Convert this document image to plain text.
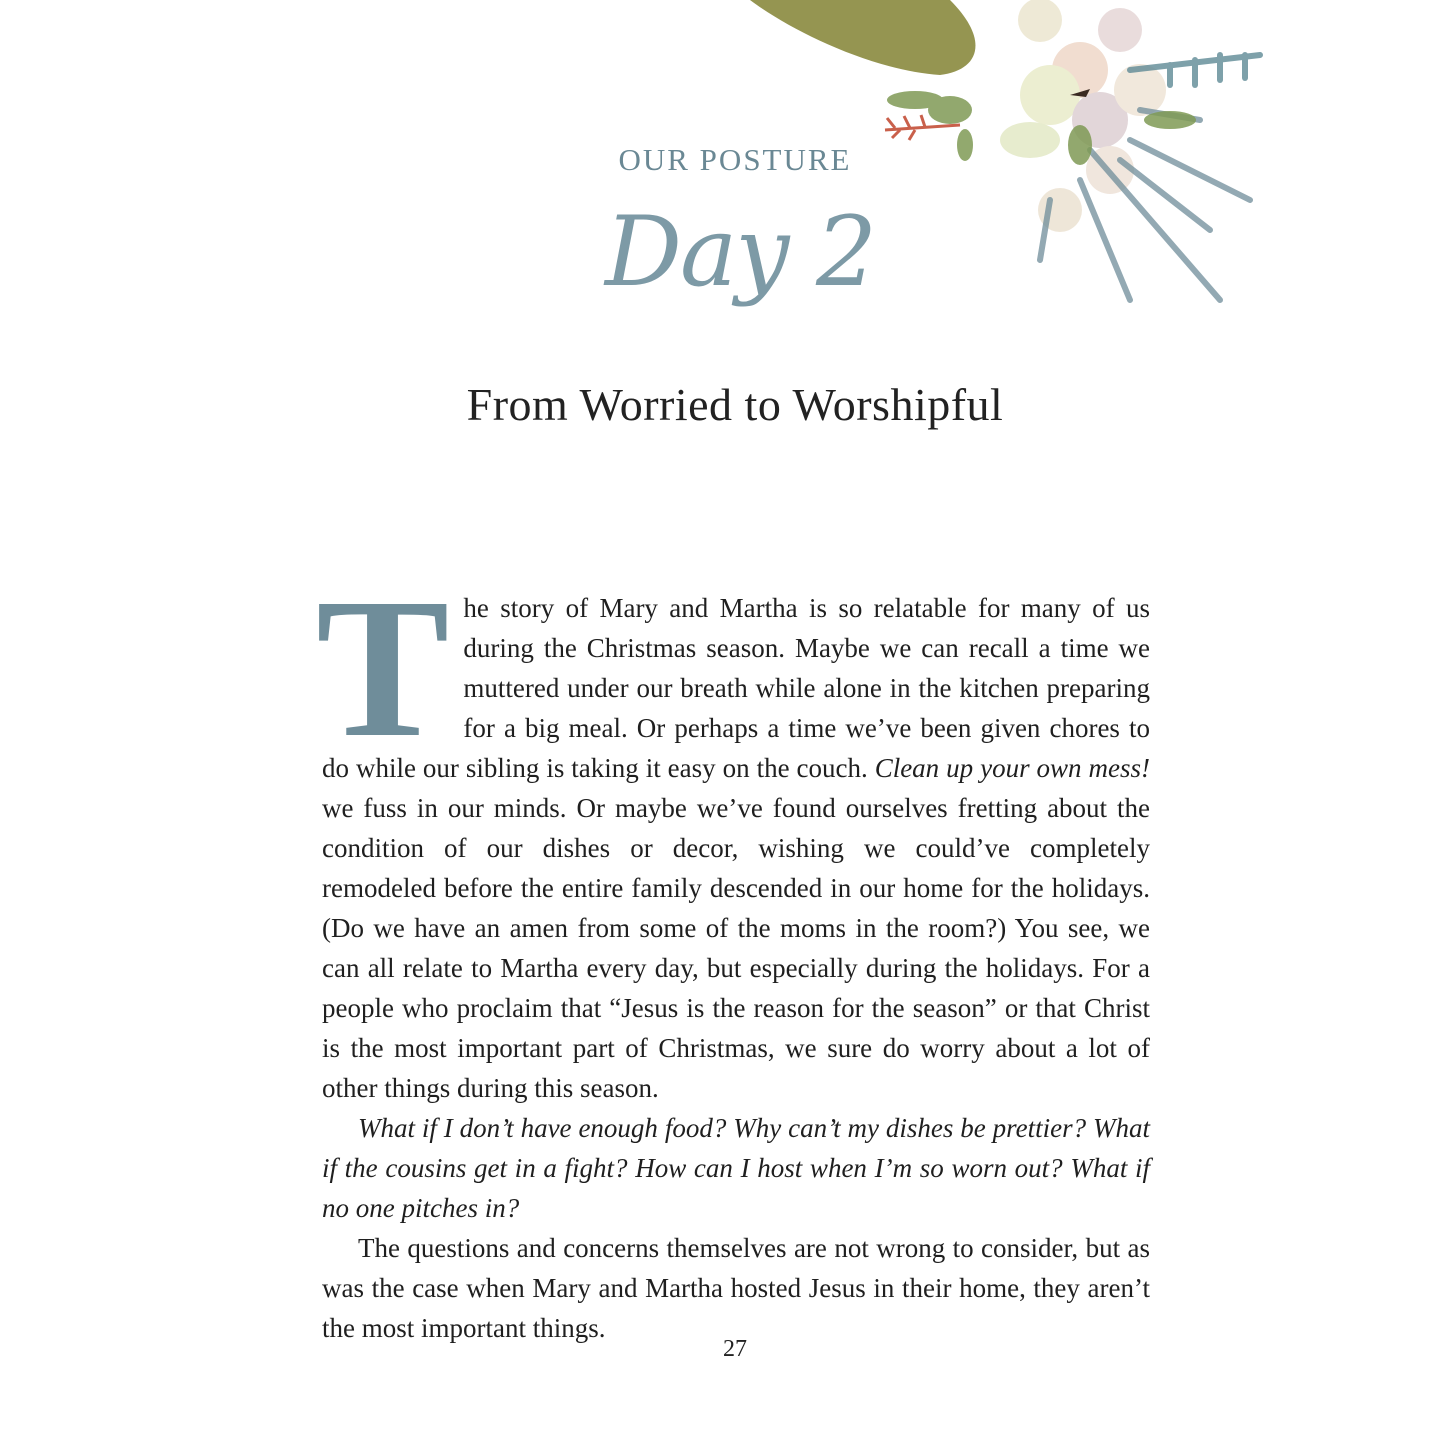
OUR POSTURE
Day 2
From Worried to Worshipful

The story of Mary and Martha is so relatable for many of us during the Christmas season. Maybe we can recall a time we muttered under our breath while alone in the kitchen preparing for a big meal. Or perhaps a time we’ve been given chores to do while our sibling is taking it easy on the couch. Clean up your own mess! we fuss in our minds. Or maybe we’ve found ourselves fretting about the condition of our dishes or decor, wishing we could’ve completely remodeled before the entire family descended in our home for the holidays. (Do we have an amen from some of the moms in the room?) You see, we can all relate to Martha every day, but especially during the holidays. For a people who proclaim that “Jesus is the reason for the season” or that Christ is the most important part of Christmas, we sure do worry about a lot of other things during this season.

What if I don’t have enough food? Why can’t my dishes be prettier? What if the cousins get in a fight? How can I host when I’m so worn out? What if no one pitches in?

The questions and concerns themselves are not wrong to consider, but as was the case when Mary and Martha hosted Jesus in their home, they aren’t the most important things.

27
